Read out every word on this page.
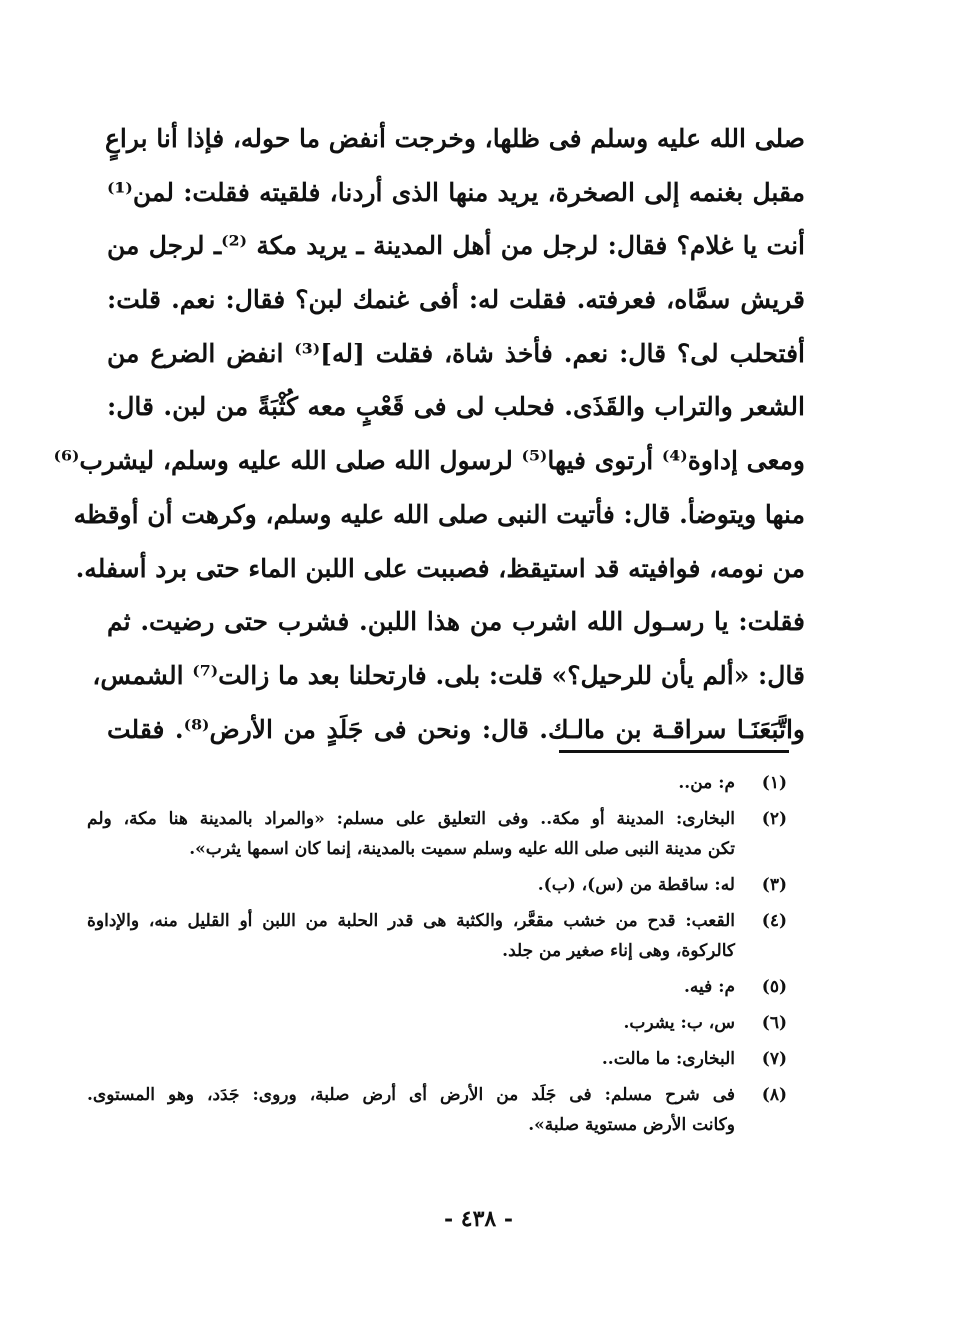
صلى الله عليه وسلم فى ظلها، وخرجت أنفض ما حوله، فإذا أنا براعٍ
مقبل بغنمه إلى الصخرة، يريد منها الذى أردنا، فلقيته فقلت: لمن⁽¹⁾
أنت يا غلام؟ فقال: لرجل من أهل المدينة ـ يريد مكة ⁽²⁾ـ لرجل من
قريش سمَّاه، فعرفته. فقلت له: أفى غنمك لبن؟ فقال: نعم. قلت:
أفتحلب لى؟ قال: نعم. فأخذ شاة، فقلت [له]⁽³⁾ انفض الضرع من
الشعر والتراب والقَذَى. فحلب لى فى قَعْبٍ معه كُثْبَةً من لبن. قال:
ومعى إداوة⁽⁴⁾ أرتوى فيها⁽⁵⁾ لرسول الله صلى الله عليه وسلم، ليشرب⁽⁶⁾
منها ويتوضأ. قال: فأتيت النبى صلى الله عليه وسلم، وكرهت أن أوقظه
من نومه، فوافيته قد استيقظ، فصببت على اللبن الماء حتى برد أسفله.
فقلت: يا رسـول الله اشرب من هذا اللبن. فشرب حتى رضيت. ثم
قال: «ألم يأن للرحيل؟» قلت: بلى. فارتحلنا بعد ما زالت⁽⁷⁾ الشمس،
واتَّبَعَنَـا سراقـة بن مالـك. قال: ونحن فى جَلَدٍ من الأرض⁽⁸⁾. فقلت
(١)
م: من..
(٢)
البخارى: المدينة أو مكة.. وفى التعليق على مسلم: «والمراد بالمدينة هنا مكة، ولم
تكن مدينة النبى صلى الله عليه وسلم سميت بالمدينة، إنما كان اسمها يثرب».
(٣)
له: ساقطة من (س)، (ب).
(٤)
القعب: قدح من خشب مقعَّر، والكثبة هى قدر الحلبة من اللبن أو القليل منه، والإداوة
كالركوة، وهى إناء صغير من جلد.
(٥)
م: فيه.
(٦)
س، ب: يشرب.
(٧)
البخارى: ما مالت..
(٨)
فى شرح مسلم: فى جَلَد من الأرض أى أرض صلبة، وروى: جَدَد، وهو المستوى.
وكانت الأرض مستوية صلبة».
- ٤٣٨ -
